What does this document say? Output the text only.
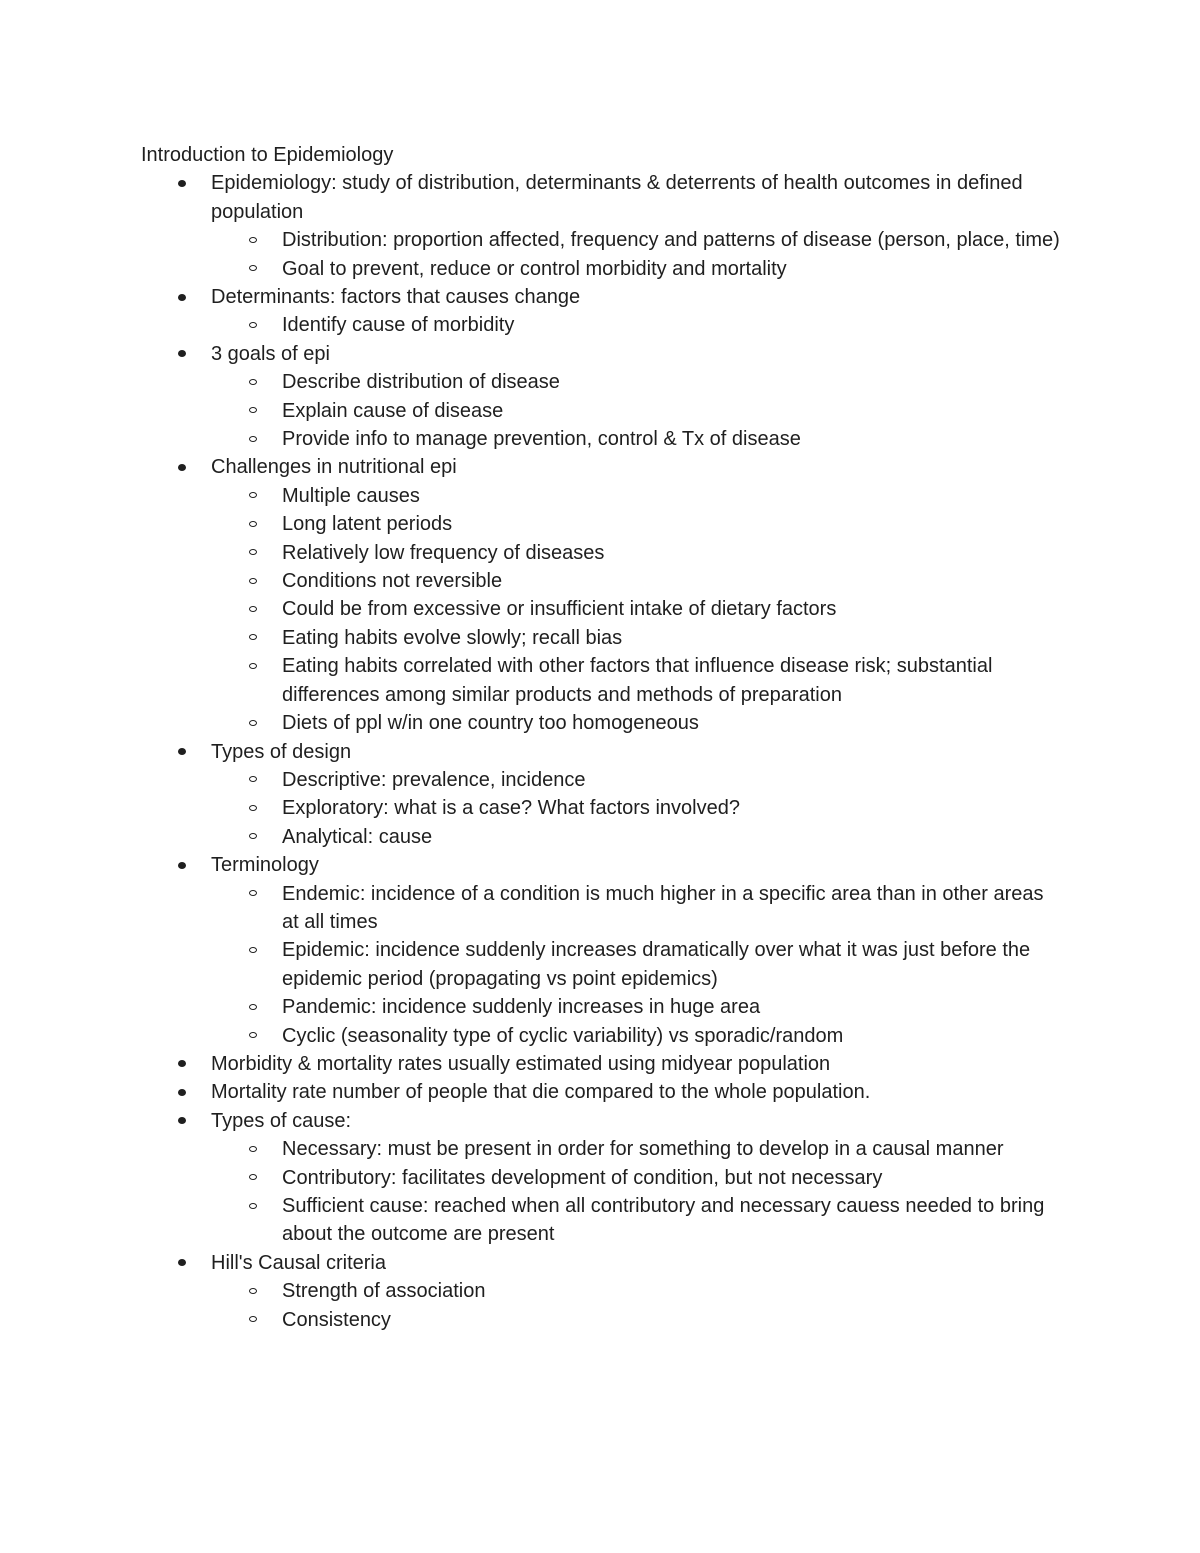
Introduction to Epidemiology
Epidemiology: study of distribution, determinants & deterrents of health outcomes in defined population
Distribution: proportion affected, frequency and patterns of disease (person, place, time)
Goal to prevent, reduce or control morbidity and mortality
Determinants: factors that causes change
Identify cause of morbidity
3 goals of epi
Describe distribution of disease
Explain cause of disease
Provide info to manage prevention, control & Tx of disease
Challenges in nutritional epi
Multiple causes
Long latent periods
Relatively low frequency of diseases
Conditions not reversible
Could be from excessive or insufficient intake of dietary factors
Eating habits evolve slowly; recall bias
Eating habits correlated with other factors that influence disease risk; substantial differences among similar products and methods of preparation
Diets of ppl w/in one country too homogeneous
Types of design
Descriptive: prevalence, incidence
Exploratory: what is a case? What factors involved?
Analytical: cause
Terminology
Endemic: incidence of a condition is much higher in a specific area than in other areas at all times
Epidemic: incidence suddenly increases dramatically over what it was just before the epidemic period (propagating vs point epidemics)
Pandemic: incidence suddenly increases in huge area
Cyclic (seasonality type of cyclic variability) vs sporadic/random
Morbidity & mortality rates usually estimated using midyear population
Mortality rate number of people that die compared to the whole population.
Types of cause:
Necessary: must be present in order for something to develop in a causal manner
Contributory: facilitates development of condition, but not necessary
Sufficient cause: reached when all contributory and necessary cauess needed to bring about the outcome are present
Hill's Causal criteria
Strength of association
Consistency
